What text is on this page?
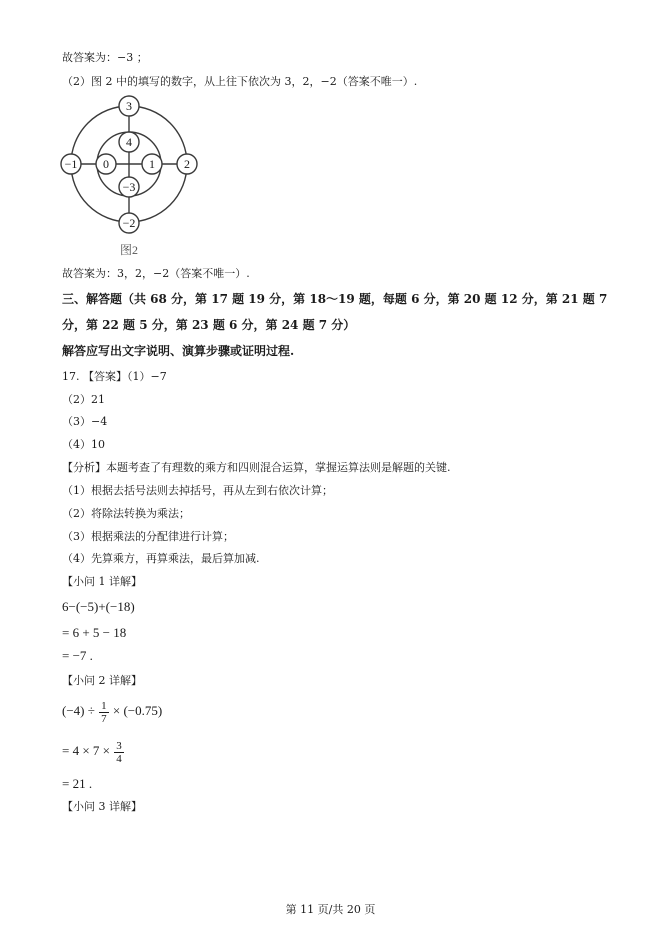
故答案为：−3 ；
（2）图 2 中的填写的数字，从上往下依次为 3，2，−2（答案不唯一）.
3
4
−1 0	1 2
−3
−2
图2
故答案为：3，2，−2（答案不唯一）.
三、解答题（共 68 分，第 17 题 19 分，第 18〜19 题，每题 6 分，第 20 题 12 分，第 21 题 7
分，第 22 题 5 分，第 23 题 6 分，第 24 题 7 分）
解答应写出文字说明、演算步骤或证明过程.
17. 【答案】（1）−7
（2）21
（3）−4
（4）10
【分析】本题考查了有理数的乘方和四则混合运算，掌握运算法则是解题的关键.
（1）根据去括号法则去掉括号，再从左到右依次计算；
（2）将除法转换为乘法；
（3）根据乘法的分配律进行计算；
（4）先算乘方，再算乘法，最后算加减.
【小问 1 详解】
6−(−5)+(−18)
= 6 + 5 − 18
= −7 .
【小问 2 详解】
$(-4) \div \frac{1}{7} \times (-0.75)$
= $4 \times 7 \times \frac{3}{4}$
= 21 .
【小问 3 详解】
第 11 页/共 20 页
